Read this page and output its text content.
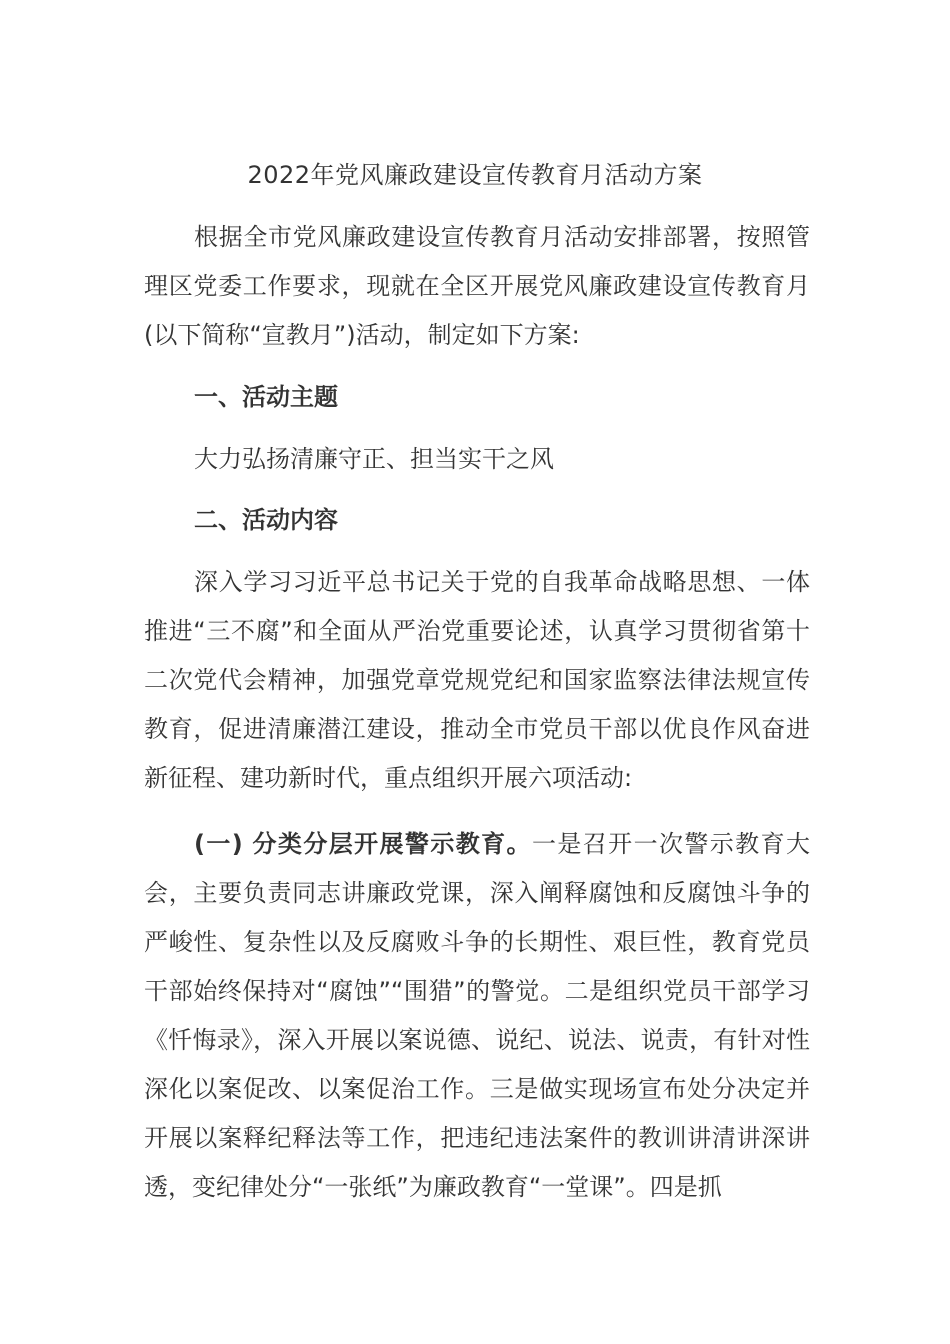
2022年党风廉政建设宣传教育月活动方案

根据全市党风廉政建设宣传教育月活动安排部署，按照管理区党委工作要求，现就在全区开展党风廉政建设宣传教育月(以下简称“宣教月”)活动，制定如下方案:

一、活动主题

大力弘扬清廉守正、担当实干之风

二、活动内容

深入学习习近平总书记关于党的自我革命战略思想、一体推进“三不腐”和全面从严治党重要论述，认真学习贯彻省第十二次党代会精神，加强党章党规党纪和国家监察法律法规宣传教育，促进清廉潜江建设，推动全市党员干部以优良作风奋进新征程、建功新时代，重点组织开展六项活动:

(一) 分类分层开展警示教育。一是召开一次警示教育大会，主要负责同志讲廉政党课，深入阐释腐蚀和反腐蚀斗争的严峻性、复杂性以及反腐败斗争的长期性、艰巨性，教育党员干部始终保持对“腐蚀”“围猎”的警觉。二是组织党员干部学习《忏悔录》，深入开展以案说德、说纪、说法、说责，有针对性深化以案促改、以案促治工作。三是做实现场宣布处分决定并开展以案释纪释法等工作，把违纪违法案件的教训讲清讲深讲透，变纪律处分“一张纸”为廉政教育“一堂课”。四是抓
